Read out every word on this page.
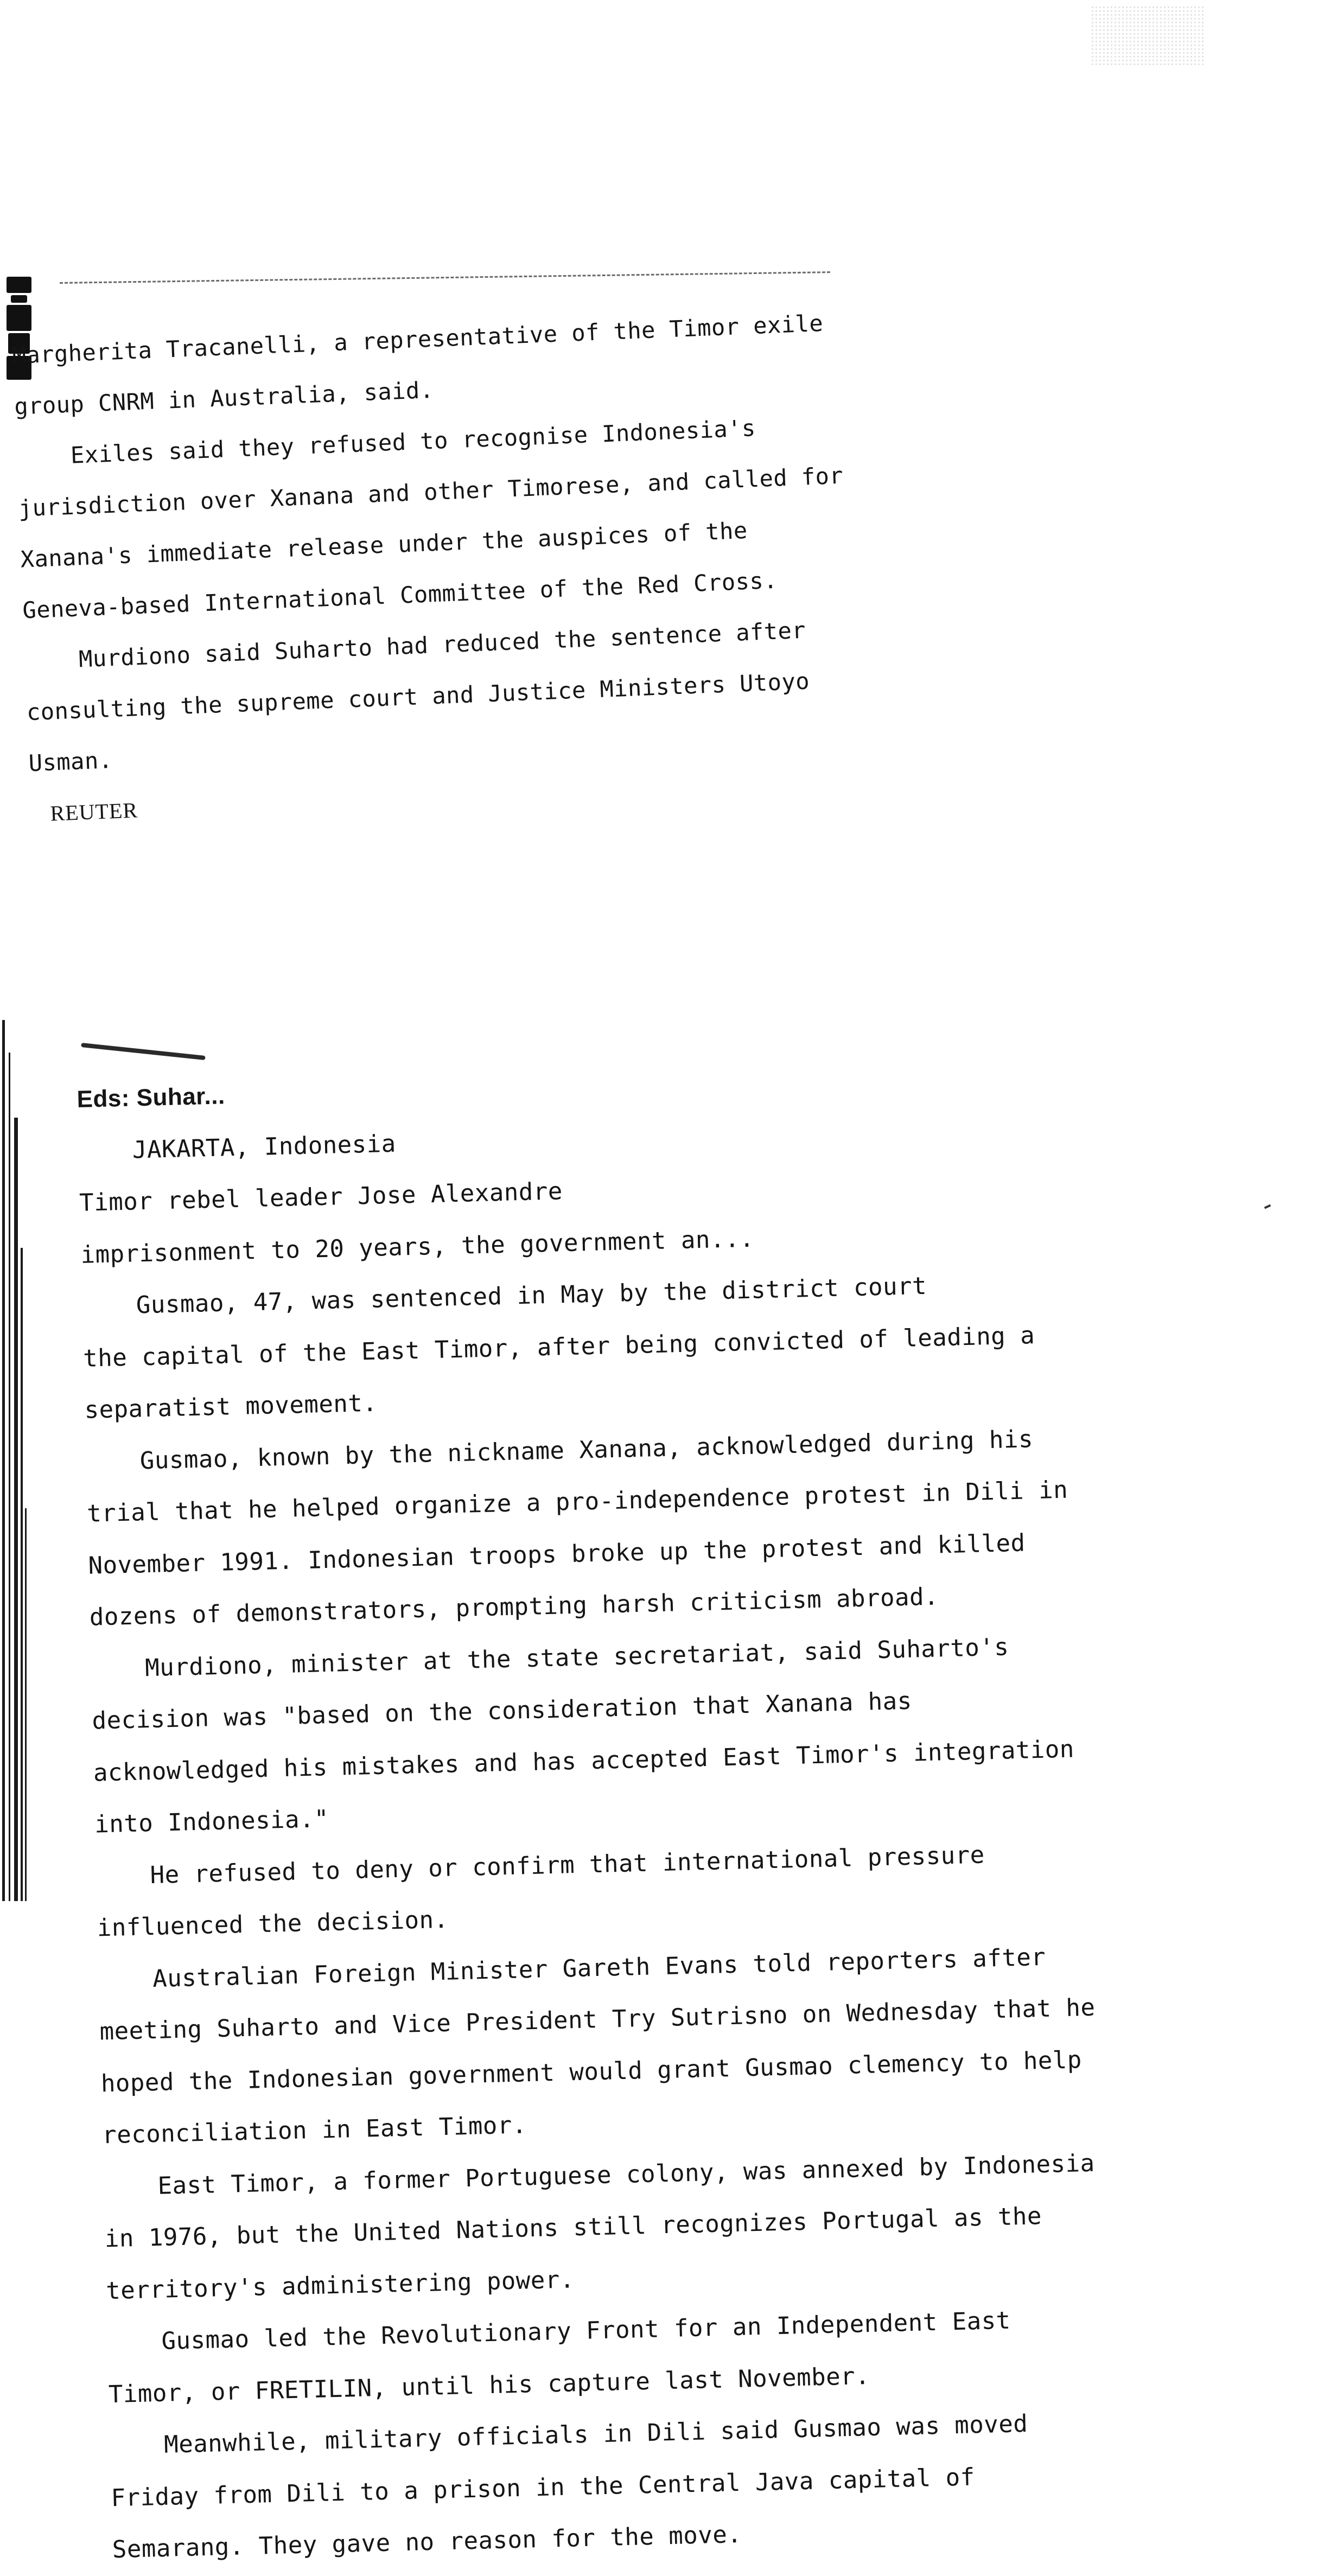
Margherita Tracanelli, a representative of the Timor exile

group CNRM in Australia, said.

Exiles said they refused to recognise Indonesia's

jurisdiction over Xanana and other Timorese, and called for

Xanana's immediate release under the auspices of the

Geneva-based International Committee of the Red Cross.

Murdiono said Suharto had reduced the sentence after

consulting the supreme court and Justice Ministers Utoyo

Usman.

REUTER

Eds: Suhar...

JAKARTA, Indonesia

Timor rebel leader Jose Alexandre

imprisonment to 20 years, the government an...

Gusmao, 47, was sentenced in May by the district court

the capital of the East Timor, after being convicted of leading a

separatist movement.

Gusmao, known by the nickname Xanana, acknowledged during his

trial that he helped organize a pro-independence protest in Dili in

November 1991. Indonesian troops broke up the protest and killed

dozens of demonstrators, prompting harsh criticism abroad.

Murdiono, minister at the state secretariat, said Suharto's

decision was "based on the consideration that Xanana has

acknowledged his mistakes and has accepted East Timor's integration

into Indonesia."

He refused to deny or confirm that international pressure

influenced the decision.

Australian Foreign Minister Gareth Evans told reporters after

meeting Suharto and Vice President Try Sutrisno on Wednesday that he

hoped the Indonesian government would grant Gusmao clemency to help

reconciliation in East Timor.

East Timor, a former Portuguese colony, was annexed by Indonesia

in 1976, but the United Nations still recognizes Portugal as the

territory's administering power.

Gusmao led the Revolutionary Front for an Independent East

Timor, or FRETILIN, until his capture last November.

Meanwhile, military officials in Dili said Gusmao was moved

Friday from Dili to a prison in the Central Java capital of

Semarang. They gave no reason for the move.
